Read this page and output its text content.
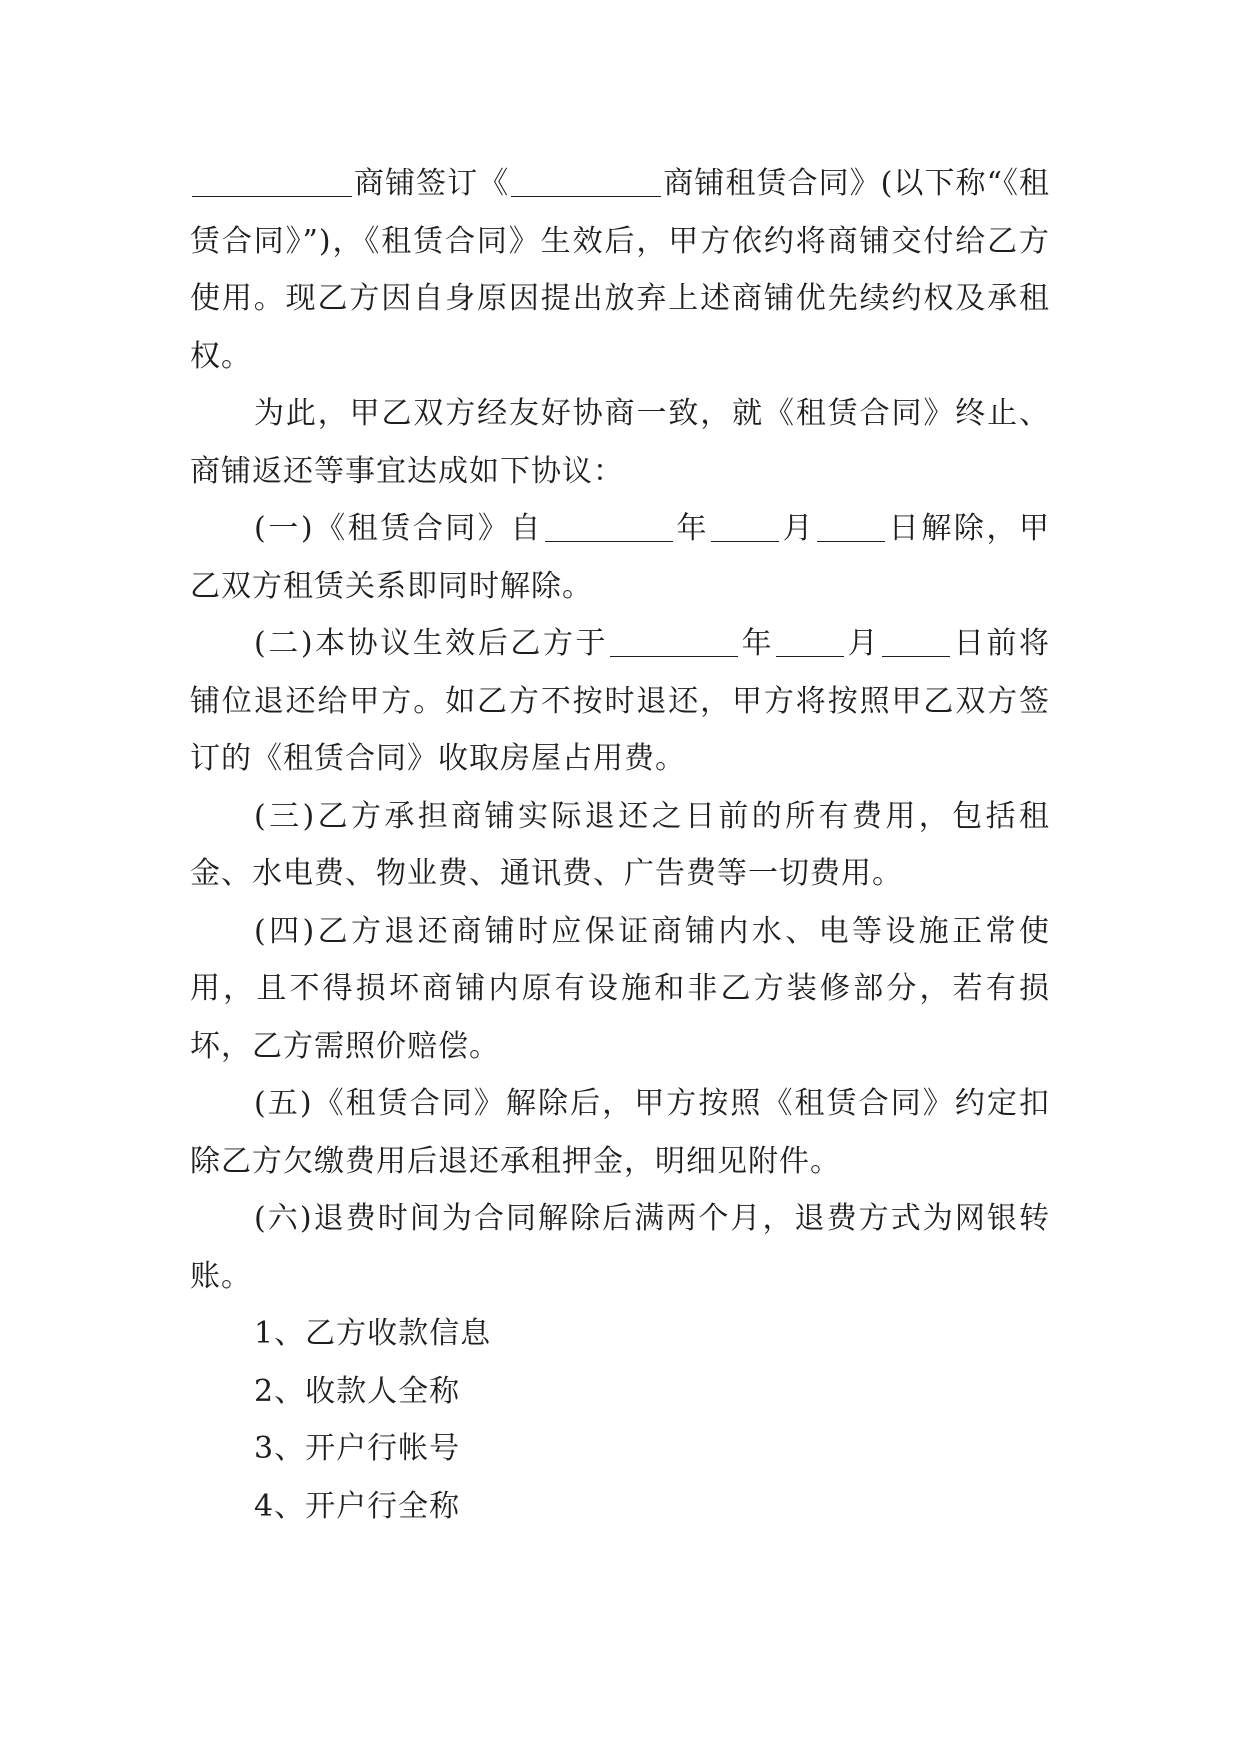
商铺签订《	商铺租赁合同》(以下称“《租赁合同》”)，《租赁合同》生效后，甲方依约将商铺交付给乙方使用。现乙方因自身原因提出放弃上述商铺优先续约权及承租权。

为此，甲乙双方经友好协商一致，就《租赁合同》终止、商铺返还等事宜达成如下协议：

(一)《租赁合同》自	年 月 日解除，甲乙双方租赁关系即同时解除。

(二)本协议生效后乙方于	年 月 日前将铺位退还给甲方。如乙方不按时退还，甲方将按照甲乙双方签订的《租赁合同》收取房屋占用费。

(三)乙方承担商铺实际退还之日前的所有费用，包括租金、水电费、物业费、通讯费、广告费等一切费用。

(四)乙方退还商铺时应保证商铺内水、电等设施正常使用，且不得损坏商铺内原有设施和非乙方装修部分，若有损坏，乙方需照价赔偿。

(五)《租赁合同》解除后，甲方按照《租赁合同》约定扣除乙方欠缴费用后退还承租押金，明细见附件。

(六)退费时间为合同解除后满两个月，退费方式为网银转账。

1、乙方收款信息

2、收款人全称

3、开户行帐号

4、开户行全称
